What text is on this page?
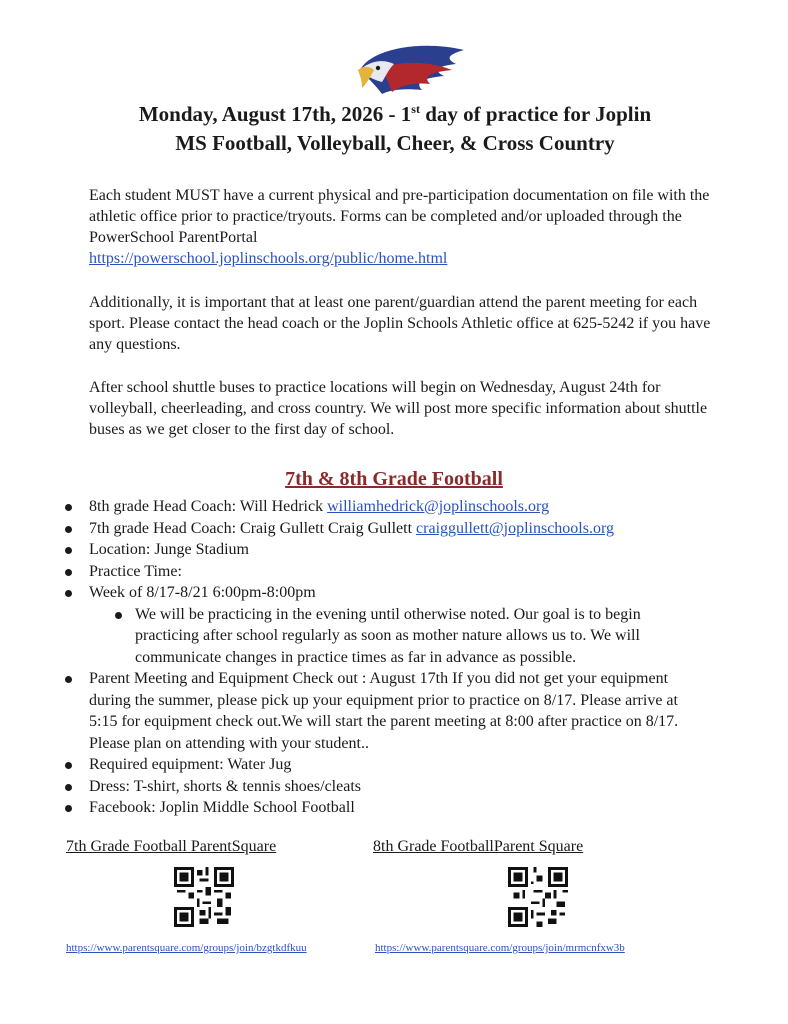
Monday, August 17th, 2026 - 1st day of practice for Joplin
MS Football, Volleyball, Cheer, & Cross Country
Each student MUST have a current physical and pre-participation documentation on file with the athletic office prior to practice/tryouts. Forms can be completed and/or uploaded through the PowerSchool ParentPortal
https://powerschool.joplinschools.org/public/home.html
Additionally, it is important that at least one parent/guardian attend the parent meeting for each sport. Please contact the head coach or the Joplin Schools Athletic office at 625-5242 if you have any questions.
After school shuttle buses to practice locations will begin on Wednesday, August 24th for volleyball, cheerleading, and cross country. We will post more specific information about shuttle buses as we get closer to the first day of school.
7th & 8th Grade Football
8th grade Head Coach: Will Hedrick williamhedrick@joplinschools.org
7th grade Head Coach: Craig Gullett Craig Gullett craiggullett@joplinschools.org
Location: Junge Stadium
Practice Time:
Week of 8/17-8/21 6:00pm-8:00pm
We will be practicing in the evening until otherwise noted. Our goal is to begin practicing after school regularly as soon as mother nature allows us to. We will communicate changes in practice times as far in advance as possible.
Parent Meeting and Equipment Check out : August 17th If you did not get your equipment during the summer, please pick up your equipment prior to practice on 8/17. Please arrive at 5:15 for equipment check out.We will start the parent meeting at 8:00 after practice on 8/17. Please plan on attending with your student..
Required equipment: Water Jug
Dress: T-shirt, shorts & tennis shoes/cleats
Facebook: Joplin Middle School Football
7th Grade Football ParentSquare	8th Grade FootballParent Square
https://www.parentsquare.com/groups/join/bzgtkdfkuu	https://www.parentsquare.com/groups/join/mrmcnfxw3b
